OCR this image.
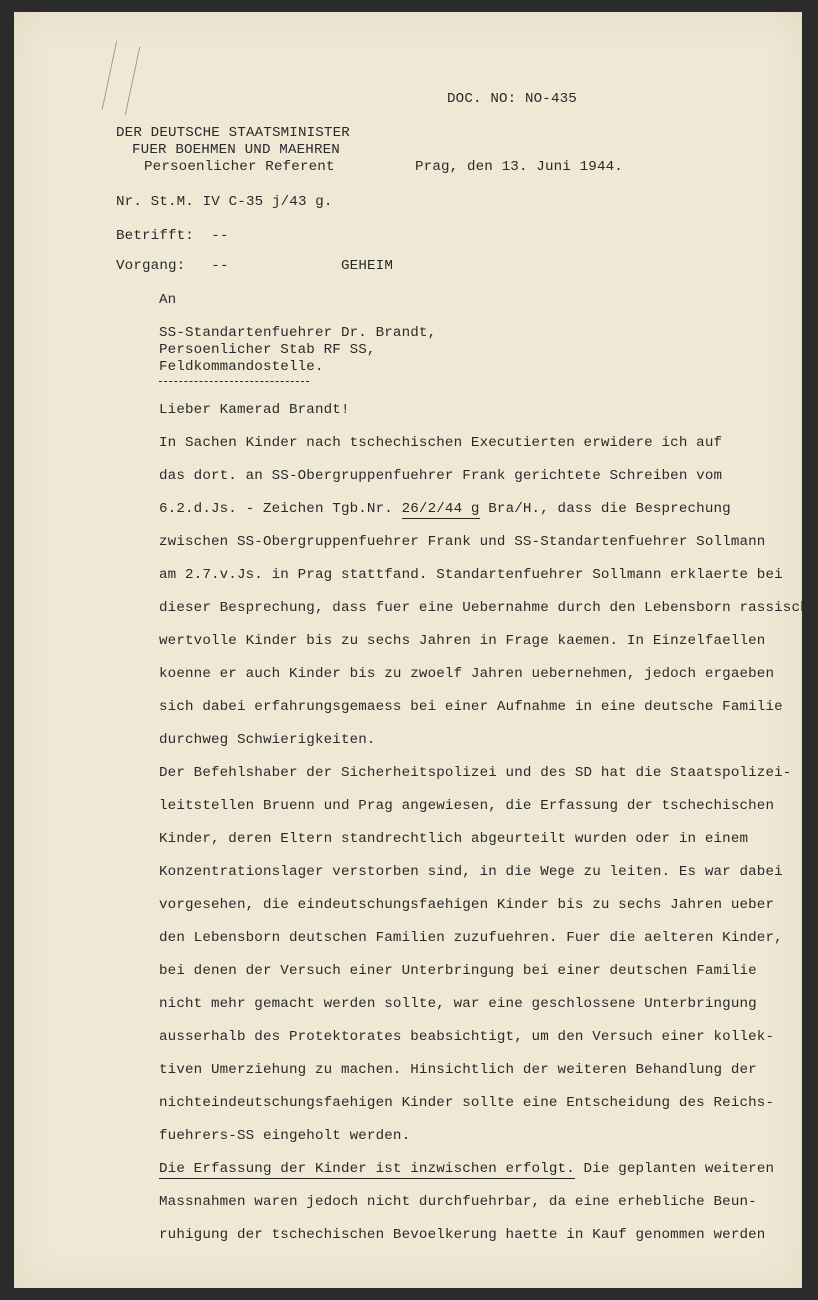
DOC. NO: NO-435
DER DEUTSCHE STAATSMINISTER
FUER BOEHMEN UND MAEHREN
Persoenlicher Referent	Prag, den 13. Juni 1944.
Nr. St.M. IV C-35 j/43 g.
Betrifft:  --
Vorgang:   --	GEHEIM
An
SS-Standartenfuehrer Dr. Brandt,
Persoenlicher Stab RF SS,
Feldkommandostelle.
Lieber Kamerad Brandt!
In Sachen Kinder nach tschechischen Executierten erwidere ich auf
das dort. an SS-Obergruppenfuehrer Frank gerichtete Schreiben vom
6.2.d.Js. - Zeichen Tgb.Nr. 26/2/44 g Bra/H., dass die Besprechung
zwischen SS-Obergruppenfuehrer Frank und SS-Standartenfuehrer Sollmann
am 2.7.v.Js. in Prag stattfand. Standartenfuehrer Sollmann erklaerte bei
dieser Besprechung, dass fuer eine Uebernahme durch den Lebensborn rassisch
wertvolle Kinder bis zu sechs Jahren in Frage kaemen. In Einzelfaellen
koenne er auch Kinder bis zu zwoelf Jahren uebernehmen, jedoch ergaeben
sich dabei erfahrungsgemaess bei einer Aufnahme in eine deutsche Familie
durchweg Schwierigkeiten.
Der Befehlshaber der Sicherheitspolizei und des SD hat die Staatspolizei-
leitstellen Bruenn und Prag angewiesen, die Erfassung der tschechischen
Kinder, deren Eltern standrechtlich abgeurteilt wurden oder in einem
Konzentrationslager verstorben sind, in die Wege zu leiten. Es war dabei
vorgesehen, die eindeutschungsfaehigen Kinder bis zu sechs Jahren ueber
den Lebensborn deutschen Familien zuzufuehren. Fuer die aelteren Kinder,
bei denen der Versuch einer Unterbringung bei einer deutschen Familie
nicht mehr gemacht werden sollte, war eine geschlossene Unterbringung
ausserhalb des Protektorates beabsichtigt, um den Versuch einer kollek-
tiven Umerziehung zu machen. Hinsichtlich der weiteren Behandlung der
nichteindeutschungsfaehigen Kinder sollte eine Entscheidung des Reichs-
fuehrers-SS eingeholt werden.
Die Erfassung der Kinder ist inzwischen erfolgt. Die geplanten weiteren
Massnahmen waren jedoch nicht durchfuehrbar, da eine erhebliche Beun-
ruhigung der tschechischen Bevoelkerung haette in Kauf genommen werden
